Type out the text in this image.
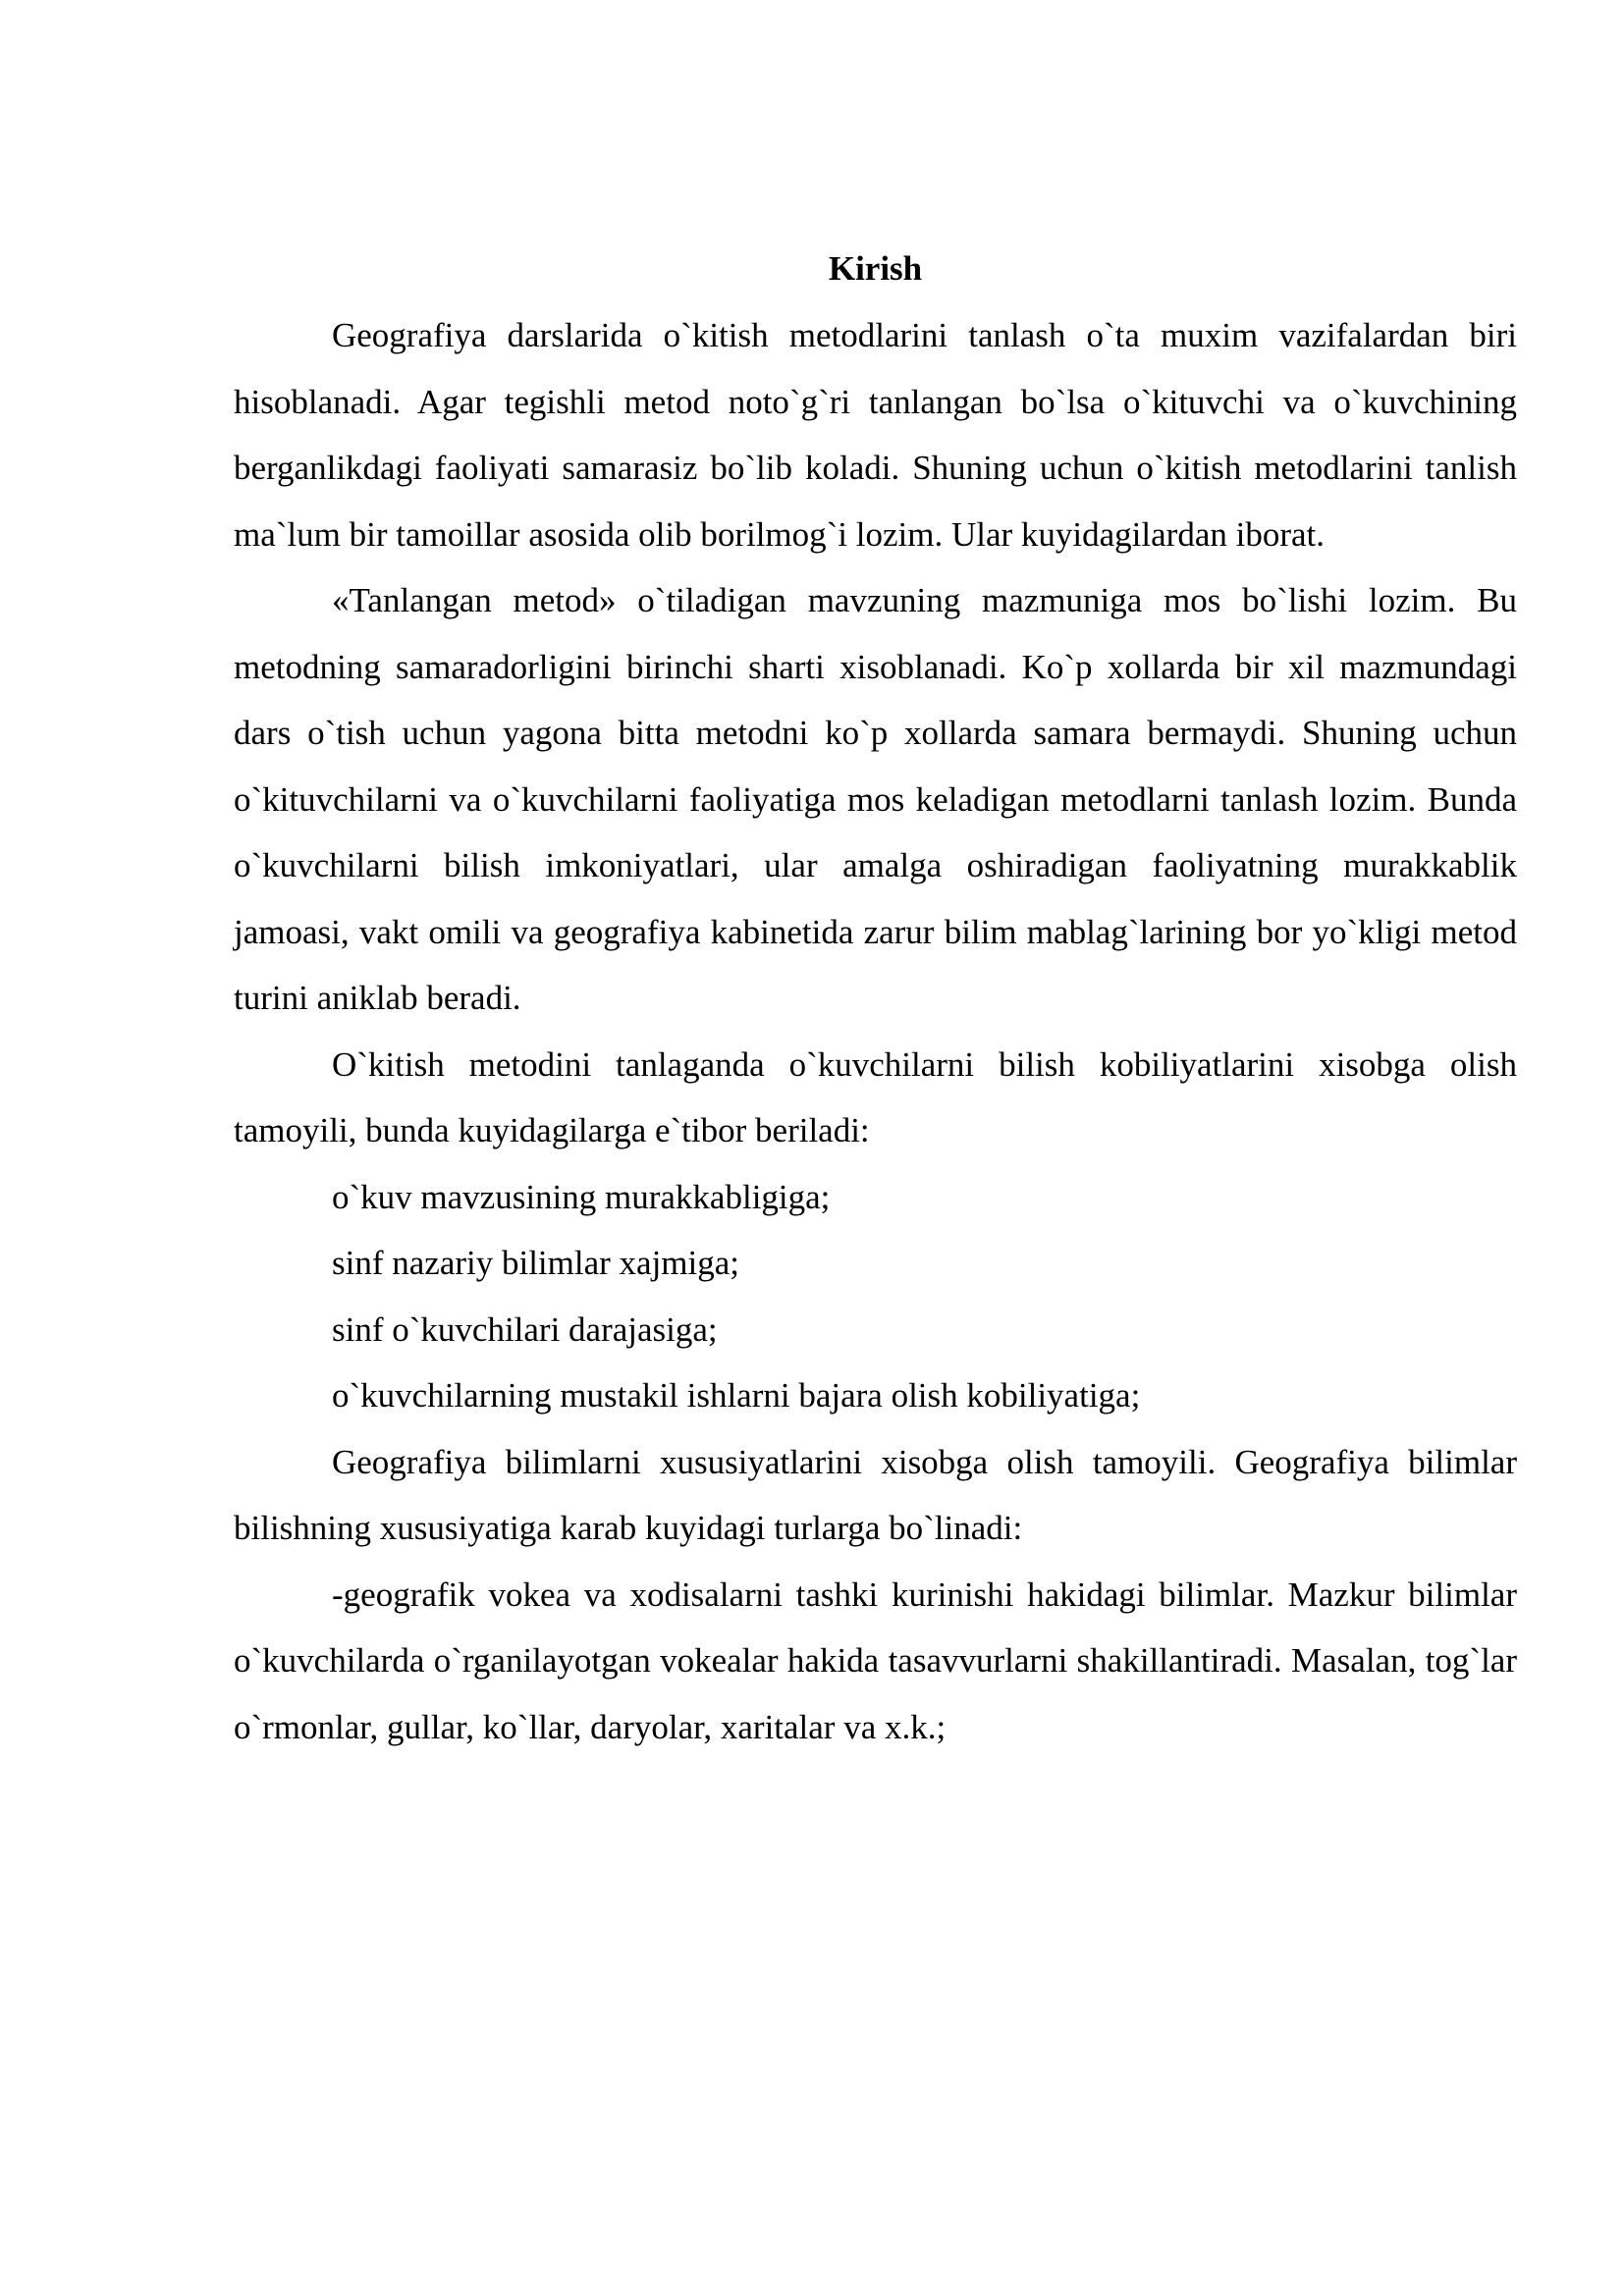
Kirish

Geografiya darslarida o`kitish metodlarini tanlash o`ta muxim vazifalardan biri hisoblanadi. Agar tegishli metod noto`g`ri tanlangan bo`lsa o`kituvchi va o`kuvchining berganlikdagi faoliyati samarasiz bo`lib koladi. Shuning uchun o`kitish metodlarini tanlish ma`lum bir tamoillar asosida olib borilmog`i lozim. Ular kuyidagilardan iborat.

«Tanlangan metod» o`tiladigan mavzuning mazmuniga mos bo`lishi lozim. Bu metodning samaradorligini birinchi sharti xisoblanadi. Ko`p xollarda bir xil mazmundagi dars o`tish uchun yagona bitta metodni ko`p xollarda samara bermaydi. Shuning uchun o`kituvchilarni va o`kuvchilarni faoliyatiga mos keladigan metodlarni tanlash lozim. Bunda o`kuvchilarni bilish imkoniyatlari, ular amalga oshiradigan faoliyatning murakkablik jamoasi, vakt omili va geografiya kabinetida zarur bilim mablag`larining bor yo`kligi metod turini aniklab beradi.

O`kitish metodini tanlaganda o`kuvchilarni bilish kobiliyatlarini xisobga olish tamoyili, bunda kuyidagilarga e`tibor beriladi:

o`kuv mavzusining murakkabligiga;

sinf nazariy bilimlar xajmiga;

sinf o`kuvchilari darajasiga;

o`kuvchilarning mustakil ishlarni bajara olish kobiliyatiga;

Geografiya bilimlarni xususiyatlarini xisobga olish tamoyili. Geografiya bilimlar bilishning xususiyatiga karab kuyidagi turlarga bo`linadi:

-geografik vokea va xodisalarni tashki kurinishi hakidagi bilimlar. Mazkur bilimlar o`kuvchilarda o`rganilayotgan vokealar hakida tasavvurlarni shakillantiradi. Masalan, tog`lar o`rmonlar, gullar, ko`llar, daryolar, xaritalar va x.k.;
